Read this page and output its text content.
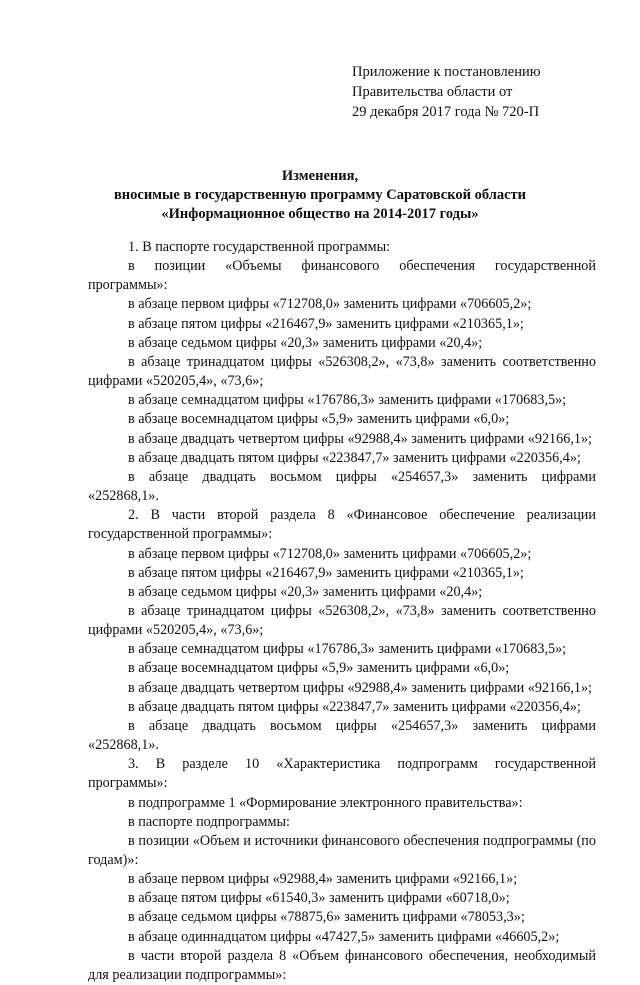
Приложение к постановлению
Правительства области от
29 декабря 2017 года № 720-П
Изменения,
вносимые в государственную программу Саратовской области
«Информационное общество на 2014-2017 годы»

1. В паспорте государственной программы:

в позиции «Объемы финансового обеспечения государственной программы»:

в абзаце первом цифры «712708,0» заменить цифрами «706605,2»;

в абзаце пятом цифры «216467,9» заменить цифрами «210365,1»;

в абзаце седьмом цифры «20,3» заменить цифрами «20,4»;

в абзаце тринадцатом цифры «526308,2», «73,8» заменить соответственно цифрами «520205,4», «73,6»;

в абзаце семнадцатом цифры «176786,3» заменить цифрами «170683,5»;

в абзаце восемнадцатом цифры «5,9» заменить цифрами «6,0»;

в абзаце двадцать четвертом цифры «92988,4» заменить цифрами «92166,1»;

в абзаце двадцать пятом цифры «223847,7» заменить цифрами «220356,4»;

в абзаце двадцать восьмом цифры «254657,3» заменить цифрами «252868,1».

2. В части второй раздела 8 «Финансовое обеспечение реализации государственной программы»:

в абзаце первом цифры «712708,0» заменить цифрами «706605,2»;

в абзаце пятом цифры «216467,9» заменить цифрами «210365,1»;

в абзаце седьмом цифры «20,3» заменить цифрами «20,4»;

в абзаце тринадцатом цифры «526308,2», «73,8» заменить соответственно цифрами «520205,4», «73,6»;

в абзаце семнадцатом цифры «176786,3» заменить цифрами «170683,5»;

в абзаце восемнадцатом цифры «5,9» заменить цифрами «6,0»;

в абзаце двадцать четвертом цифры «92988,4» заменить цифрами «92166,1»;

в абзаце двадцать пятом цифры «223847,7» заменить цифрами «220356,4»;

в абзаце двадцать восьмом цифры «254657,3» заменить цифрами «252868,1».

3. В разделе 10 «Характеристика подпрограмм государственной программы»:

в подпрограмме 1 «Формирование электронного правительства»:

в паспорте подпрограммы:

в позиции «Объем и источники финансового обеспечения подпрограммы (по годам)»:

в абзаце первом цифры «92988,4» заменить цифрами «92166,1»;

в абзаце пятом цифры «61540,3» заменить цифрами «60718,0»;

в абзаце седьмом цифры «78875,6» заменить цифрами «78053,3»;

в абзаце одиннадцатом цифры «47427,5» заменить цифрами «46605,2»;

в части второй раздела 8 «Объем финансового обеспечения, необходимый для реализации подпрограммы»:
